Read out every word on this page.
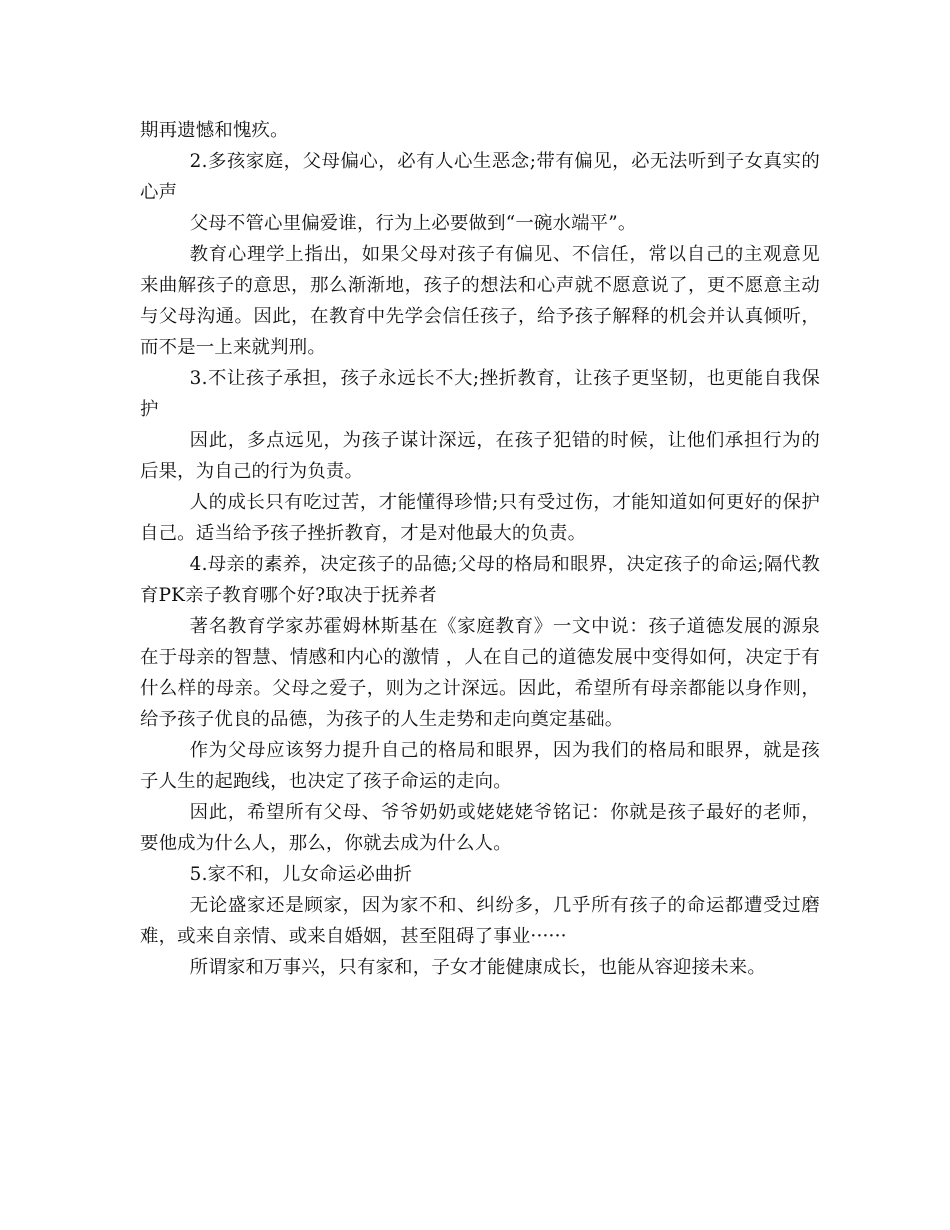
期再遗憾和愧疚。

2.多孩家庭，父母偏心，必有人心生恶念;带有偏见，必无法听到子女真实的心声

父母不管心里偏爱谁，行为上必要做到“一碗水端平”。

教育心理学上指出，如果父母对孩子有偏见、不信任，常以自己的主观意见来曲解孩子的意思，那么渐渐地，孩子的想法和心声就不愿意说了，更不愿意主动与父母沟通。因此，在教育中先学会信任孩子，给予孩子解释的机会并认真倾听，而不是一上来就判刑。

3.不让孩子承担，孩子永远长不大;挫折教育，让孩子更坚韧，也更能自我保护

因此，多点远见，为孩子谋计深远，在孩子犯错的时候，让他们承担行为的后果，为自己的行为负责。

人的成长只有吃过苦，才能懂得珍惜;只有受过伤，才能知道如何更好的保护自己。适当给予孩子挫折教育，才是对他最大的负责。

4.母亲的素养，决定孩子的品德;父母的格局和眼界，决定孩子的命运;隔代教育PK亲子教育哪个好?取决于抚养者

著名教育学家苏霍姆林斯基在《家庭教育》一文中说：孩子道德发展的源泉在于母亲的智慧、情感和内心的激情 ，人在自己的道德发展中变得如何，决定于有什么样的母亲。父母之爱子，则为之计深远。因此，希望所有母亲都能以身作则，给予孩子优良的品德，为孩子的人生走势和走向奠定基础。

作为父母应该努力提升自己的格局和眼界，因为我们的格局和眼界，就是孩子人生的起跑线，也决定了孩子命运的走向。

因此，希望所有父母、爷爷奶奶或姥姥姥爷铭记：你就是孩子最好的老师，要他成为什么人，那么，你就去成为什么人。

5.家不和，儿女命运必曲折

无论盛家还是顾家，因为家不和、纠纷多，几乎所有孩子的命运都遭受过磨难，或来自亲情、或来自婚姻，甚至阻碍了事业······

所谓家和万事兴，只有家和，子女才能健康成长，也能从容迎接未来。
